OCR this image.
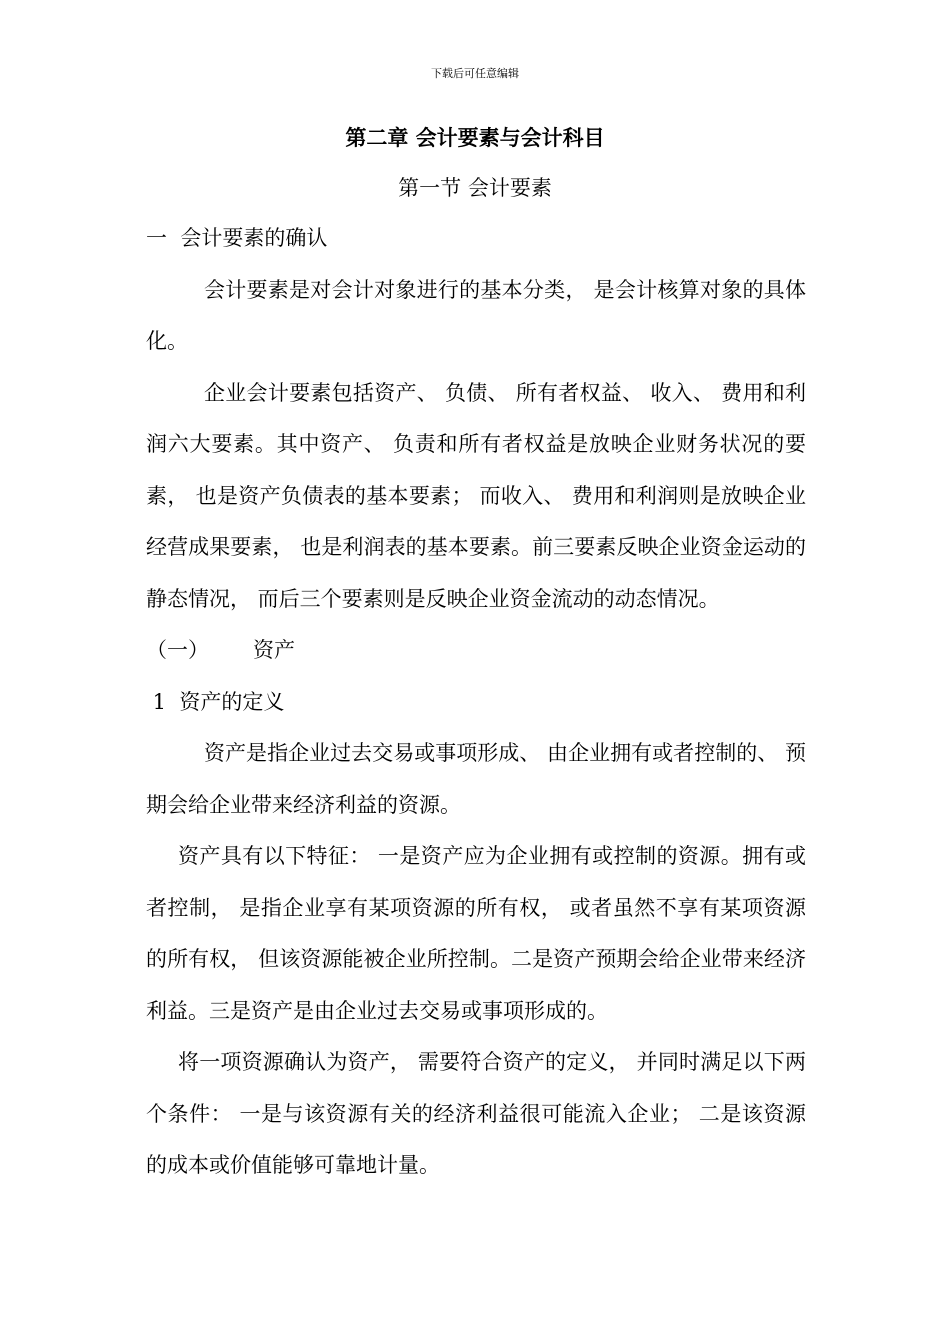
下载后可任意编辑
第二章 会计要素与会计科目
第一节 会计要素
一  会计要素的确认

会计要素是对会计对象进行的基本分类， 是会计核算对象的具体化。

企业会计要素包括资产、 负债、 所有者权益、 收入、 费用和利润六大要素。其中资产、 负责和所有者权益是放映企业财务状况的要素， 也是资产负债表的基本要素； 而收入、 费用和利润则是放映企业经营成果要素， 也是利润表的基本要素。前三要素反映企业资金运动的静态情况， 而后三个要素则是反映企业资金流动的动态情况。

（一） 资产
1  资产的定义

资产是指企业过去交易或事项形成、 由企业拥有或者控制的、 预期会给企业带来经济利益的资源。

资产具有以下特征： 一是资产应为企业拥有或控制的资源。拥有或者控制， 是指企业享有某项资源的所有权， 或者虽然不享有某项资源的所有权， 但该资源能被企业所控制。二是资产预期会给企业带来经济利益。三是资产是由企业过去交易或事项形成的。

将一项资源确认为资产， 需要符合资产的定义， 并同时满足以下两个条件： 一是与该资源有关的经济利益很可能流入企业； 二是该资源的成本或价值能够可靠地计量。
